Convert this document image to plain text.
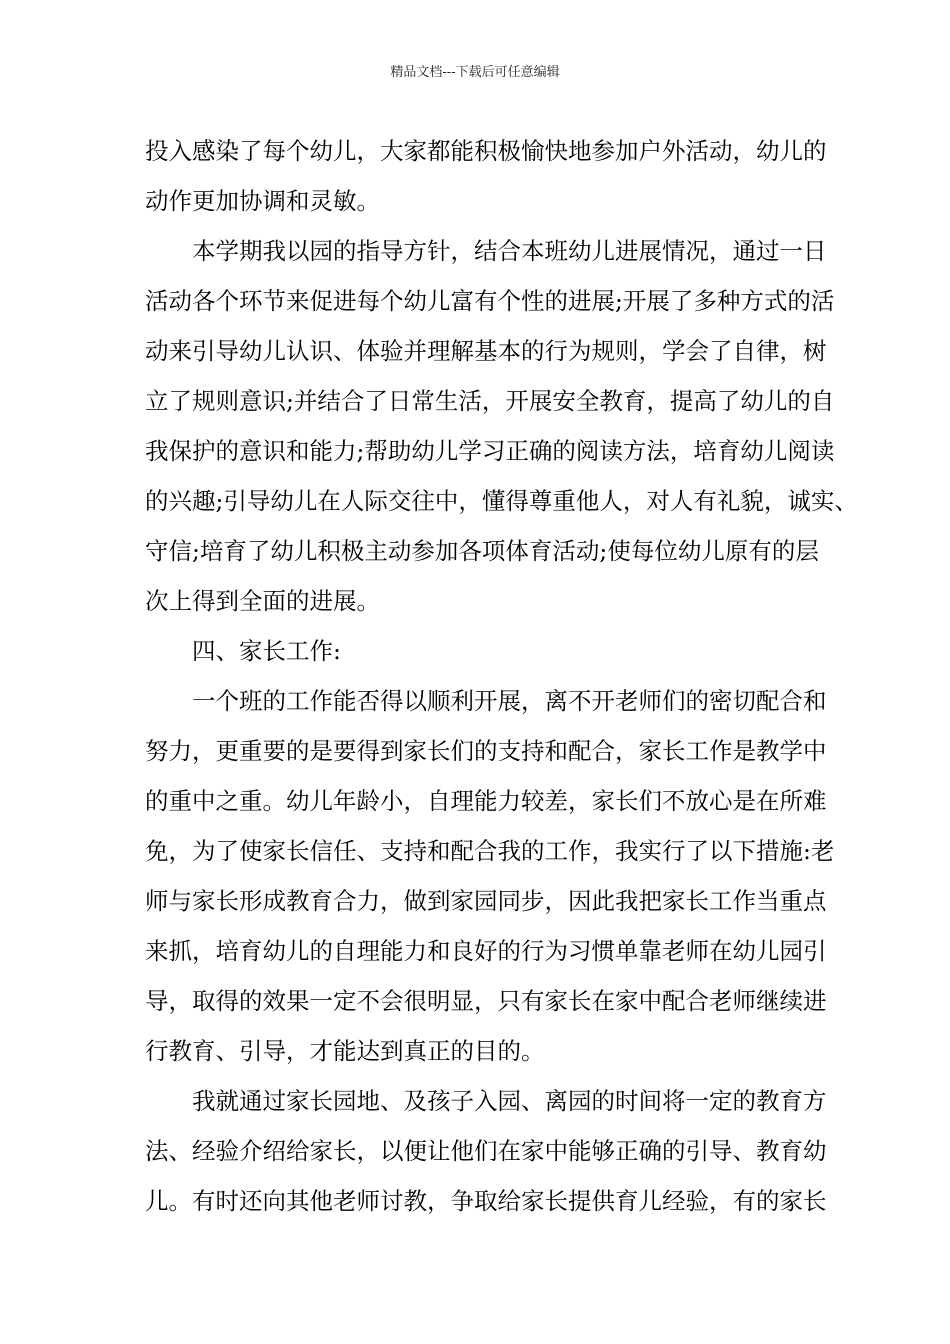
精品文档---下载后可任意编辑
投入感染了每个幼儿，大家都能积极愉快地参加户外活动，幼儿的
动作更加协调和灵敏。
本学期我以园的指导方针，结合本班幼儿进展情况，通过一日
活动各个环节来促进每个幼儿富有个性的进展;开展了多种方式的活
动来引导幼儿认识、体验并理解基本的行为规则，学会了自律，树
立了规则意识;并结合了日常生活，开展安全教育，提高了幼儿的自
我保护的意识和能力;帮助幼儿学习正确的阅读方法，培育幼儿阅读
的兴趣;引导幼儿在人际交往中，懂得尊重他人，对人有礼貌，诚实、
守信;培育了幼儿积极主动参加各项体育活动;使每位幼儿原有的层
次上得到全面的进展。
四、家长工作:
一个班的工作能否得以顺利开展，离不开老师们的密切配合和
努力，更重要的是要得到家长们的支持和配合，家长工作是教学中
的重中之重。幼儿年龄小，自理能力较差，家长们不放心是在所难
免，为了使家长信任、支持和配合我的工作，我实行了以下措施:老
师与家长形成教育合力，做到家园同步，因此我把家长工作当重点
来抓，培育幼儿的自理能力和良好的行为习惯单靠老师在幼儿园引
导，取得的效果一定不会很明显，只有家长在家中配合老师继续进
行教育、引导，才能达到真正的目的。
我就通过家长园地、及孩子入园、离园的时间将一定的教育方
法、经验介绍给家长，以便让他们在家中能够正确的引导、教育幼
儿。有时还向其他老师讨教，争取给家长提供育儿经验，有的家长
